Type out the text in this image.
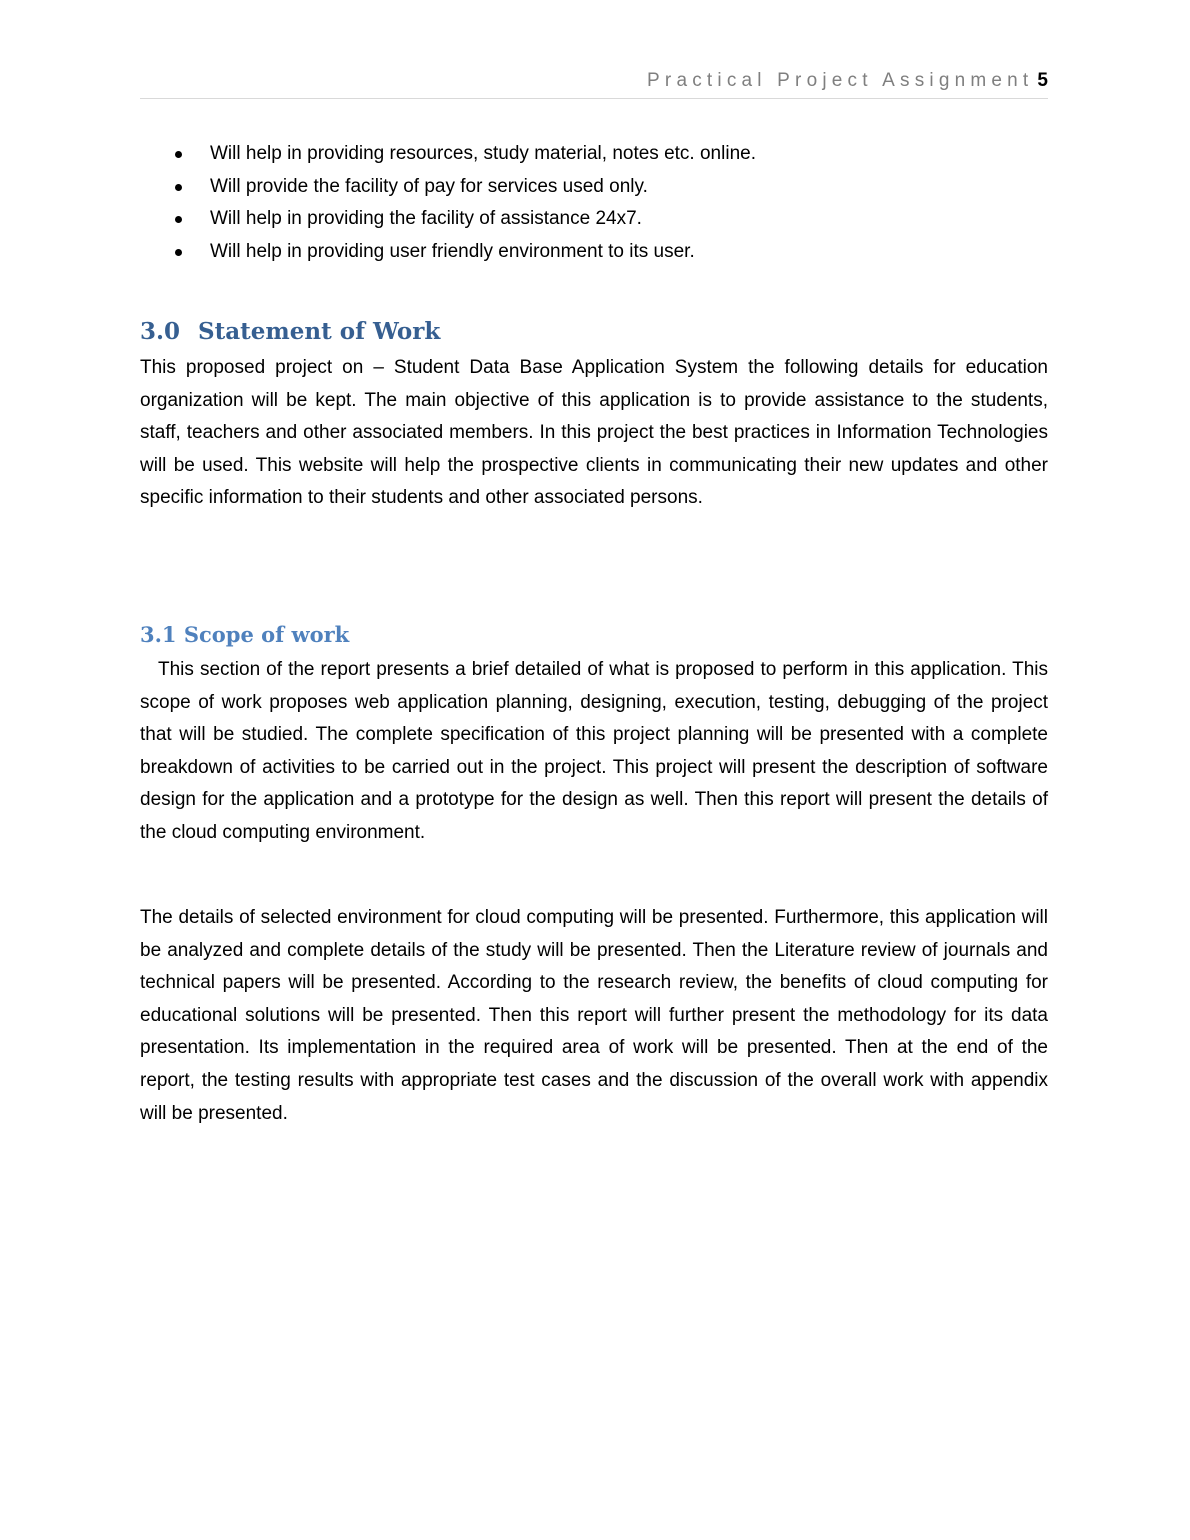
Practical Project Assignment 5
Will help in providing resources, study material, notes etc. online.
Will provide the facility of pay for services used only.
Will help in providing the facility of assistance 24x7.
Will help in providing user friendly environment to its user.
3.0 Statement of Work

This proposed project on – Student Data Base Application System the following details for education organization will be kept. The main objective of this application is to provide assistance to the students, staff, teachers and other associated members. In this project the best practices in Information Technologies will be used. This website will help the prospective clients in communicating their new updates and other specific information to their students and other associated persons.

3.1 Scope of work

This section of the report presents a brief detailed of what is proposed to perform in this application. This scope of work proposes web application planning, designing, execution, testing, debugging of the project that will be studied. The complete specification of this project planning will be presented with a complete breakdown of activities to be carried out in the project. This project will present the description of software design for the application and a prototype for the design as well. Then this report will present the details of the cloud computing environment.

The details of selected environment for cloud computing will be presented. Furthermore, this application will be analyzed and complete details of the study will be presented. Then the Literature review of journals and technical papers will be presented. According to the research review, the benefits of cloud computing for educational solutions will be presented. Then this report will further present the methodology for its data presentation. Its implementation in the required area of work will be presented. Then at the end of the report, the testing results with appropriate test cases and the discussion of the overall work with appendix will be presented.
